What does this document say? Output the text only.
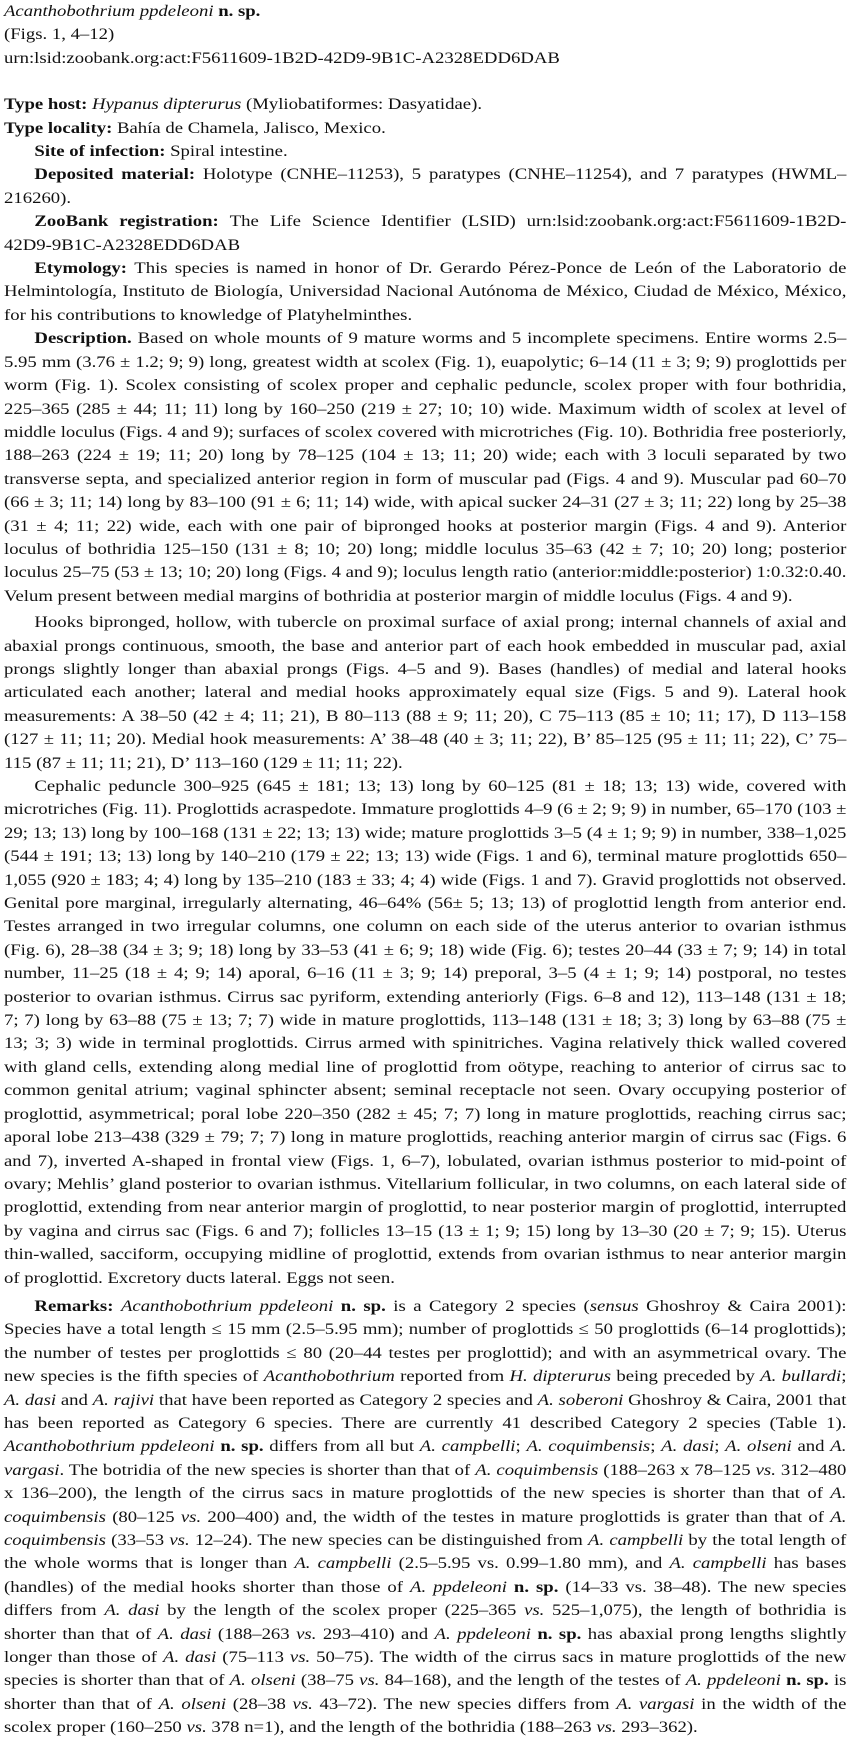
Acanthobothrium ppdeleoni n. sp.

(Figs. 1, 4–12)

urn:lsid:zoobank.org:act:F5611609-1B2D-42D9-9B1C-A2328EDD6DAB

Type host: Hypanus dipterurus (Myliobatiformes: Dasyatidae).

Type locality: Bahía de Chamela, Jalisco, Mexico.

Site of infection: Spiral intestine.

Deposited material: Holotype (CNHE–11253), 5 paratypes (CNHE–11254), and 7 paratypes (HWML–216260).

ZooBank registration: The Life Science Identifier (LSID) urn:lsid:zoobank.org:act:F5611609-1B2D-42D9-9B1C-A2328EDD6DAB

Etymology: This species is named in honor of Dr. Gerardo Pérez-Ponce de León of the Laboratorio de Helmintología, Instituto de Biología, Universidad Nacional Autónoma de México, Ciudad de México, México, for his contributions to knowledge of Platyhelminthes.

Description. Based on whole mounts of 9 mature worms and 5 incomplete specimens. Entire worms 2.5–5.95 mm (3.76 ± 1.2; 9; 9) long, greatest width at scolex (Fig. 1), euapolytic; 6–14 (11 ± 3; 9; 9) proglottids per worm (Fig. 1). Scolex consisting of scolex proper and cephalic peduncle, scolex proper with four bothridia, 225–365 (285 ± 44; 11; 11) long by 160–250 (219 ± 27; 10; 10) wide. Maximum width of scolex at level of middle loculus (Figs. 4 and 9); surfaces of scolex covered with microtriches (Fig. 10). Bothridia free posteriorly, 188–263 (224 ± 19; 11; 20) long by 78–125 (104 ± 13; 11; 20) wide; each with 3 loculi separated by two transverse septa, and specialized anterior region in form of muscular pad (Figs. 4 and 9). Muscular pad 60–70 (66 ± 3; 11; 14) long by 83–100 (91 ± 6; 11; 14) wide, with apical sucker 24–31 (27 ± 3; 11; 22) long by 25–38 (31 ± 4; 11; 22) wide, each with one pair of bipronged hooks at posterior margin (Figs. 4 and 9). Anterior loculus of bothridia 125–150 (131 ± 8; 10; 20) long; middle loculus 35–63 (42 ± 7; 10; 20) long; posterior loculus 25–75 (53 ± 13; 10; 20) long (Figs. 4 and 9); loculus length ratio (anterior:middle:posterior) 1:0.32:0.40. Velum present between medial margins of bothridia at posterior margin of middle loculus (Figs. 4 and 9).

Hooks bipronged, hollow, with tubercle on proximal surface of axial prong; internal channels of axial and abaxial prongs continuous, smooth, the base and anterior part of each hook embedded in muscular pad, axial prongs slightly longer than abaxial prongs (Figs. 4–5 and 9). Bases (handles) of medial and lateral hooks articulated each another; lateral and medial hooks approximately equal size (Figs. 5 and 9). Lateral hook measurements: A 38–50 (42 ± 4; 11; 21), B 80–113 (88 ± 9; 11; 20), C 75–113 (85 ± 10; 11; 17), D 113–158 (127 ± 11; 11; 20). Medial hook measurements: A’ 38–48 (40 ± 3; 11; 22), B’ 85–125 (95 ± 11; 11; 22), C’ 75–115 (87 ± 11; 11; 21), D’ 113–160 (129 ± 11; 11; 22).

Cephalic peduncle 300–925 (645 ± 181; 13; 13) long by 60–125 (81 ± 18; 13; 13) wide, covered with microtriches (Fig. 11). Proglottids acraspedote. Immature proglottids 4–9 (6 ± 2; 9; 9) in number, 65–170 (103 ± 29; 13; 13) long by 100–168 (131 ± 22; 13; 13) wide; mature proglottids 3–5 (4 ± 1; 9; 9) in number, 338–1,025 (544 ± 191; 13; 13) long by 140–210 (179 ± 22; 13; 13) wide (Figs. 1 and 6), terminal mature proglottids 650–1,055 (920 ± 183; 4; 4) long by 135–210 (183 ± 33; 4; 4) wide (Figs. 1 and 7). Gravid proglottids not observed. Genital pore marginal, irregularly alternating, 46–64% (56± 5; 13; 13) of proglottid length from anterior end. Testes arranged in two irregular columns, one column on each side of the uterus anterior to ovarian isthmus (Fig. 6), 28–38 (34 ± 3; 9; 18) long by 33–53 (41 ± 6; 9; 18) wide (Fig. 6); testes 20–44 (33 ± 7; 9; 14) in total number, 11–25 (18 ± 4; 9; 14) aporal, 6–16 (11 ± 3; 9; 14) preporal, 3–5 (4 ± 1; 9; 14) postporal, no testes posterior to ovarian isthmus. Cirrus sac pyriform, extending anteriorly (Figs. 6–8 and 12), 113–148 (131 ± 18; 7; 7) long by 63–88 (75 ± 13; 7; 7) wide in mature proglottids, 113–148 (131 ± 18; 3; 3) long by 63–88 (75 ± 13; 3; 3) wide in terminal proglottids. Cirrus armed with spinitriches. Vagina relatively thick walled covered with gland cells, extending along medial line of proglottid from oötype, reaching to anterior of cirrus sac to common genital atrium; vaginal sphincter absent; seminal receptacle not seen. Ovary occupying posterior of proglottid, asymmetrical; poral lobe 220–350 (282 ± 45; 7; 7) long in mature proglottids, reaching cirrus sac; aporal lobe 213–438 (329 ± 79; 7; 7) long in mature proglottids, reaching anterior margin of cirrus sac (Figs. 6 and 7), inverted A-shaped in frontal view (Figs. 1, 6–7), lobulated, ovarian isthmus posterior to mid-point of ovary; Mehlis’ gland posterior to ovarian isthmus. Vitellarium follicular, in two columns, on each lateral side of proglottid, extending from near anterior margin of proglottid, to near posterior margin of proglottid, interrupted by vagina and cirrus sac (Figs. 6 and 7); follicles 13–15 (13 ± 1; 9; 15) long by 13–30 (20 ± 7; 9; 15). Uterus thin-walled, sacciform, occupying midline of proglottid, extends from ovarian isthmus to near anterior margin of proglottid. Excretory ducts lateral. Eggs not seen.

Remarks: Acanthobothrium ppdeleoni n. sp. is a Category 2 species (sensus Ghoshroy & Caira 2001): Species have a total length ≤ 15 mm (2.5–5.95 mm); number of proglottids ≤ 50 proglottids (6–14 proglottids); the number of testes per proglottids ≤ 80 (20–44 testes per proglottid); and with an asymmetrical ovary. The new species is the fifth species of Acanthobothrium reported from H. dipterurus being preceded by A. bullardi; A. dasi and A. rajivi that have been reported as Category 2 species and A. soberoni Ghoshroy & Caira, 2001 that has been reported as Category 6 species. There are currently 41 described Category 2 species (Table 1). Acanthobothrium ppdeleoni n. sp. differs from all but A. campbelli; A. coquimbensis; A. dasi; A. olseni and A. vargasi. The botridia of the new species is shorter than that of A. coquimbensis (188–263 x 78–125 vs. 312–480 x 136–200), the length of the cirrus sacs in mature proglottids of the new species is shorter than that of A. coquimbensis (80–125 vs. 200–400) and, the width of the testes in mature proglottids is grater than that of A. coquimbensis (33–53 vs. 12–24). The new species can be distinguished from A. campbelli by the total length of the whole worms that is longer than A. campbelli (2.5–5.95 vs. 0.99–1.80 mm), and A. campbelli has bases (handles) of the medial hooks shorter than those of A. ppdeleoni n. sp. (14–33 vs. 38–48). The new species differs from A. dasi by the length of the scolex proper (225–365 vs. 525–1,075), the length of bothridia is shorter than that of A. dasi (188–263 vs. 293–410) and A. ppdeleoni n. sp. has abaxial prong lengths slightly longer than those of A. dasi (75–113 vs. 50–75). The width of the cirrus sacs in mature proglottids of the new species is shorter than that of A. olseni (38–75 vs. 84–168), and the length of the testes of A. ppdeleoni n. sp. is shorter than that of A. olseni (28–38 vs. 43–72). The new species differs from A. vargasi in the width of the scolex proper (160–250 vs. 378 n=1), and the length of the bothridia (188–263 vs. 293–362).
